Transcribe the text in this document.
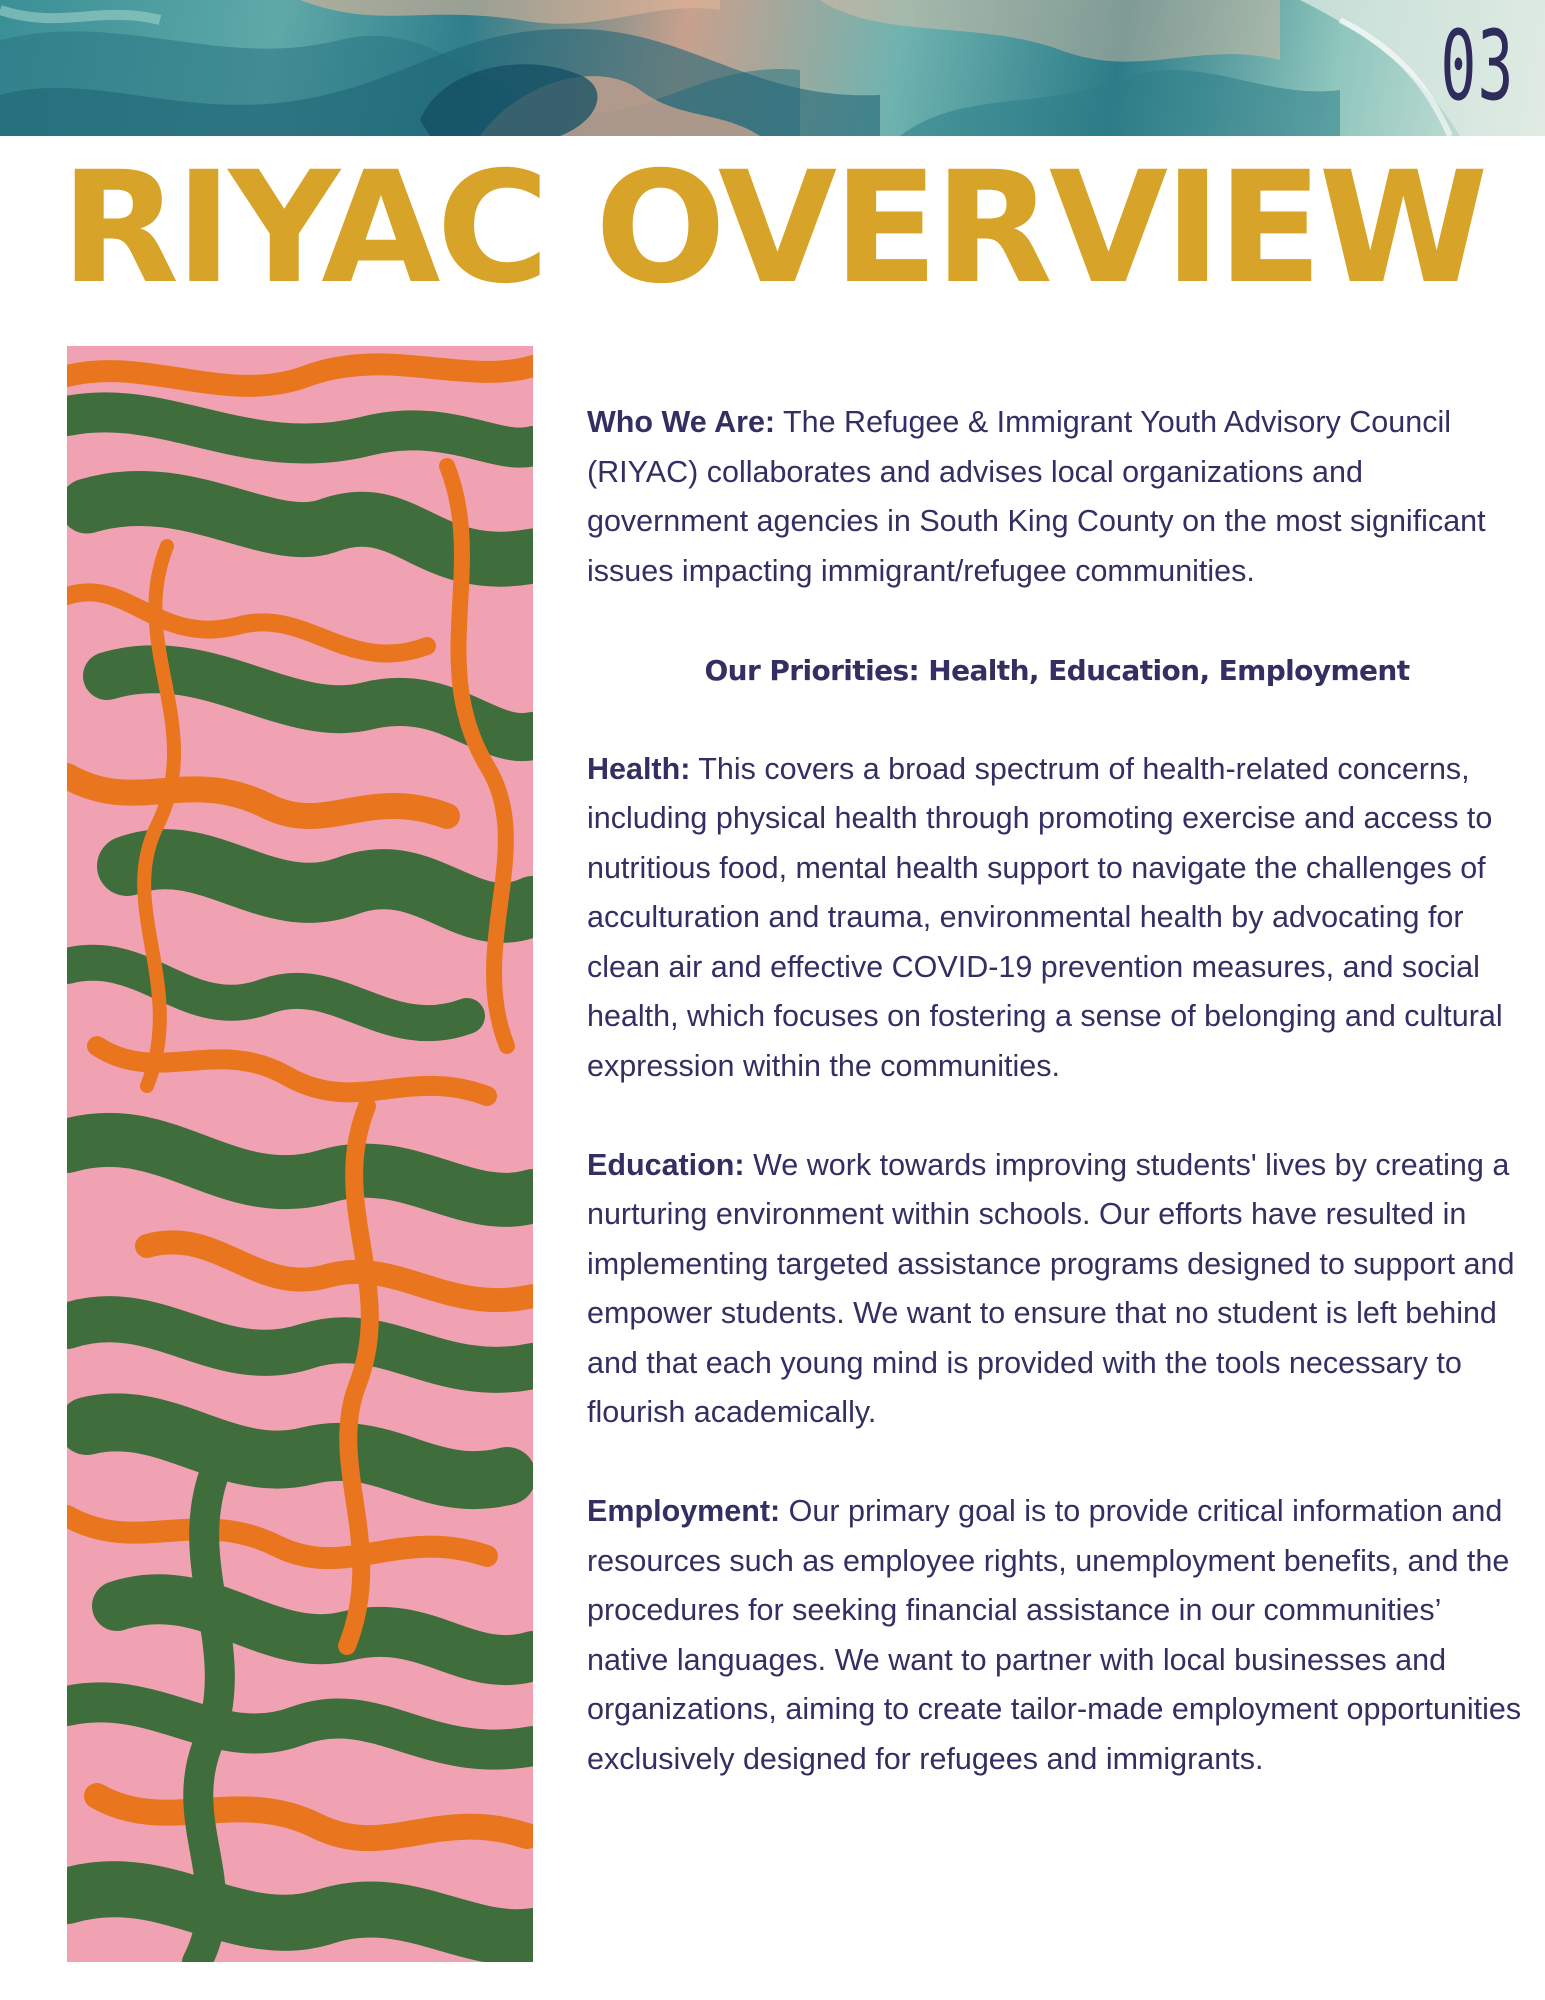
03
RIYAC OVERVIEW

Who We Are: The Refugee & Immigrant Youth Advisory Council (RIYAC) collaborates and advises local organizations and government agencies in South King County on the most significant issues impacting immigrant/refugee communities.

Our Priorities: Health, Education, Employment

Health: This covers a broad spectrum of health-related concerns, including physical health through promoting exercise and access to nutritious food, mental health support to navigate the challenges of acculturation and trauma, environmental health by advocating for clean air and effective COVID-19 prevention measures, and social health, which focuses on fostering a sense of belonging and cultural expression within the communities.

Education: We work towards improving students' lives by creating a nurturing environment within schools. Our efforts have resulted in implementing targeted assistance programs designed to support and empower students. We want to ensure that no student is left behind and that each young mind is provided with the tools necessary to flourish academically.

Employment: Our primary goal is to provide critical information and resources such as employee rights, unemployment benefits, and the procedures for seeking financial assistance in our communities’ native languages. We want to partner with local businesses and organizations, aiming to create tailor-made employment opportunities exclusively designed for refugees and immigrants.
